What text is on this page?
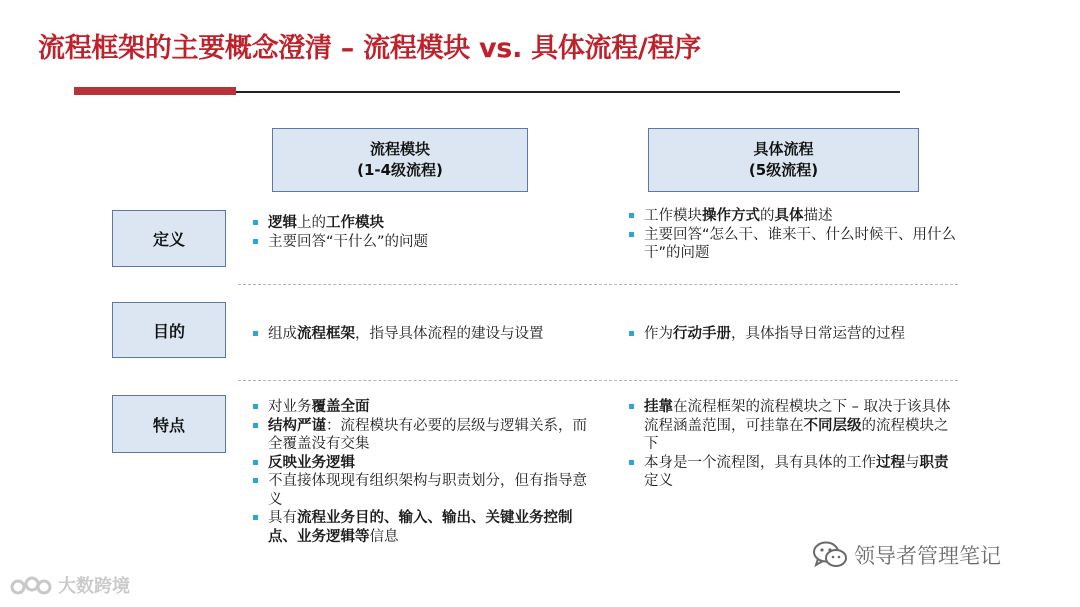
流程框架的主要概念澄清 – 流程模块 vs. 具体流程/程序
流程模块
(1-4级流程)
具体流程
(5级流程)
定义
逻辑上的工作模块
主要回答“干什么”的问题
工作模块操作方式的具体描述
主要回答“怎么干、谁来干、什么时候干、用什么干”的问题
目的	组成流程框架，指导具体流程的建设与设置	作为行动手册，具体指导日常运营的过程
特点
对业务覆盖全面
结构严谨：流程模块有必要的层级与逻辑关系，而全覆盖没有交集
反映业务逻辑
不直接体现现有组织架构与职责划分，但有指导意义
具有流程业务目的、输入、输出、关键业务控制点、业务逻辑等信息
挂靠在流程框架的流程模块之下 – 取决于该具体流程涵盖范围，可挂靠在不同层级的流程模块之下
本身是一个流程图，具有具体的工作过程与职责定义
大数跨境
领导者管理笔记
